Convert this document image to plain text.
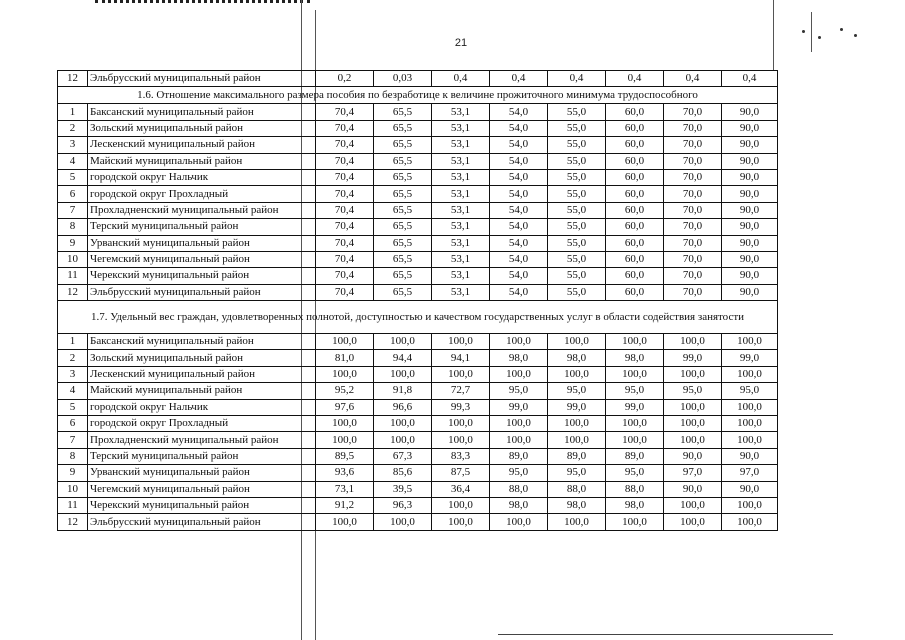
21
12	Эльбрусский муниципальный район	0,2	0,03	0,4	0,4	0,4	0,4	0,4	0,4
1.6. Отношение максимального размера пособия по безработице к величине прожиточного минимума трудоспособного									
1	Баксанский муниципальный район	70,4	65,5	53,1	54,0	55,0	60,0	70,0	90,0
2	Зольский муниципальный район	70,4	65,5	53,1	54,0	55,0	60,0	70,0	90,0
3	Лескенский муниципальный район	70,4	65,5	53,1	54,0	55,0	60,0	70,0	90,0
4	Майский муниципальный район	70,4	65,5	53,1	54,0	55,0	60,0	70,0	90,0
5	городской округ Нальчик	70,4	65,5	53,1	54,0	55,0	60,0	70,0	90,0
6	городской округ Прохладный	70,4	65,5	53,1	54,0	55,0	60,0	70,0	90,0
7	Прохладненский муниципальный район	70,4	65,5	53,1	54,0	55,0	60,0	70,0	90,0
8	Терский муниципальный район	70,4	65,5	53,1	54,0	55,0	60,0	70,0	90,0
9	Урванский муниципальный район	70,4	65,5	53,1	54,0	55,0	60,0	70,0	90,0
10	Чегемский муниципальный район	70,4	65,5	53,1	54,0	55,0	60,0	70,0	90,0
11	Черекский муниципальный район	70,4	65,5	53,1	54,0	55,0	60,0	70,0	90,0
12	Эльбрусский муниципальный район	70,4	65,5	53,1	54,0	55,0	60,0	70,0	90,0
1.7. Удельный вес граждан, удовлетворенных полнотой, доступностью и качеством государственных услуг в области содействия занятости									
1	Баксанский муниципальный район	100,0	100,0	100,0	100,0	100,0	100,0	100,0	100,0
2	Зольский муниципальный район	81,0	94,4	94,1	98,0	98,0	98,0	99,0	99,0
3	Лескенский муниципальный район	100,0	100,0	100,0	100,0	100,0	100,0	100,0	100,0
4	Майский муниципальный район	95,2	91,8	72,7	95,0	95,0	95,0	95,0	95,0
5	городской округ Нальчик	97,6	96,6	99,3	99,0	99,0	99,0	100,0	100,0
6	городской округ Прохладный	100,0	100,0	100,0	100,0	100,0	100,0	100,0	100,0
7	Прохладненский муниципальный район	100,0	100,0	100,0	100,0	100,0	100,0	100,0	100,0
8	Терский муниципальный район	89,5	67,3	83,3	89,0	89,0	89,0	90,0	90,0
9	Урванский муниципальный район	93,6	85,6	87,5	95,0	95,0	95,0	97,0	97,0
10	Чегемский муниципальный район	73,1	39,5	36,4	88,0	88,0	88,0	90,0	90,0
11	Черекский муниципальный район	91,2	96,3	100,0	98,0	98,0	98,0	100,0	100,0
12	Эльбрусский муниципальный район	100,0	100,0	100,0	100,0	100,0	100,0	100,0	100,0
